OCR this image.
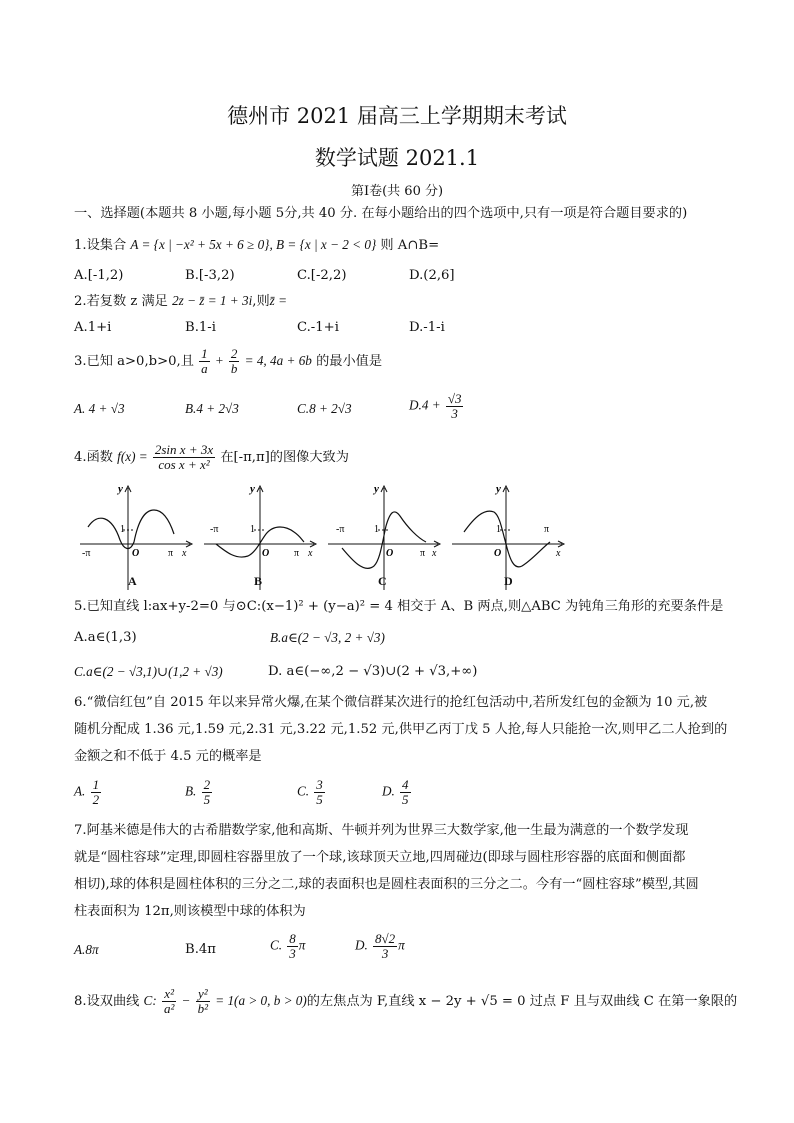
德州市 2021 届高三上学期期末考试
数学试题 2021.1
第Ⅰ卷(共 60 分)
一、选择题(本题共 8 小题,每小题 5分,共 40 分. 在每小题给出的四个选项中,只有一项是符合题目要求的)
1.设集合 A = {x | −x² + 5x + 6 ≥ 0}, B = {x | x − 2 < 0} 则 A∩B=
A.[-1,2)	B.[-3,2)	C.[-2,2)	D.(2,6]
2.若复数 z 满足 2z − z̄ = 1 + 3i,则z̄ =
A.1+i	B.1-i	C.-1+i	D.-1-i
3.已知 a>0,b>0,且 $\frac{1}{a} + \frac{2}{b} = 4$, 4a + 6b 的最小值是
A. 4 + √3	B.4 + 2√3	C.8 + 2√3	$D.4 + \frac{√3}{3}$
4.函数 $f(x) = \frac{\text{2sin x + 3x}}{\text{cos x + x²}}$ 在[-π,π]的图像大致为
y
1
O
-π	π x
A
y
1
O
-π
π x
B
y
1
O
-π
π x
C
y
1
O
π
x
D
5.已知直线 l:ax+y-2=0 与⊙C:(x−1)² + (y−a)² = 4 相交于 A、B 两点,则△ABC 为钝角三角形的充要条件是
A.a∈(1,3)	B.a∈(2 − √3, 2 + √3)
C.a∈(2 − √3,1)∪(1,2 + √3)	D. a∈(−∞,2 − √3)∪(2 + √3,+∞)
6.“微信红包”自 2015 年以来异常火爆,在某个微信群某次进行的抢红包活动中,若所发红包的金额为 10 元,被
随机分配成 1.36 元,1.59 元,2.31 元,3.22 元,1.52 元,供甲乙丙丁戊 5 人抢,每人只能抢一次,则甲乙二人抢到的
金额之和不低于 4.5 元的概率是
A. $\frac{1}{2}$	B. $\frac{2}{5}$	C. $\frac{3}{5}$	D. $\frac{4}{5}$
7.阿基米德是伟大的古希腊数学家,他和高斯、牛顿并列为世界三大数学家,他一生最为满意的一个数学发现
就是“圆柱容球”定理,即圆柱容器里放了一个球,该球顶天立地,四周碰边(即球与圆柱形容器的底面和侧面都
相切),球的体积是圆柱体积的三分之二,球的表面积也是圆柱表面积的三分之二。今有一“圆柱容球”模型,其圆
柱表面积为 12π,则该模型中球的体积为
A.8π	B.4π	C. $\frac{8}{3}$ π	D. $\frac{8√2}{3}$ π
8.设双曲线 C: $\frac{\text{x²}}{\text{a²}} - \frac{\text{y²}}{\text{b²}} = 1(a > 0$, b > 0)的左焦点为 F,直线 x − 2y + √5 = 0 过点 F 且与双曲线 C 在第一象限的
